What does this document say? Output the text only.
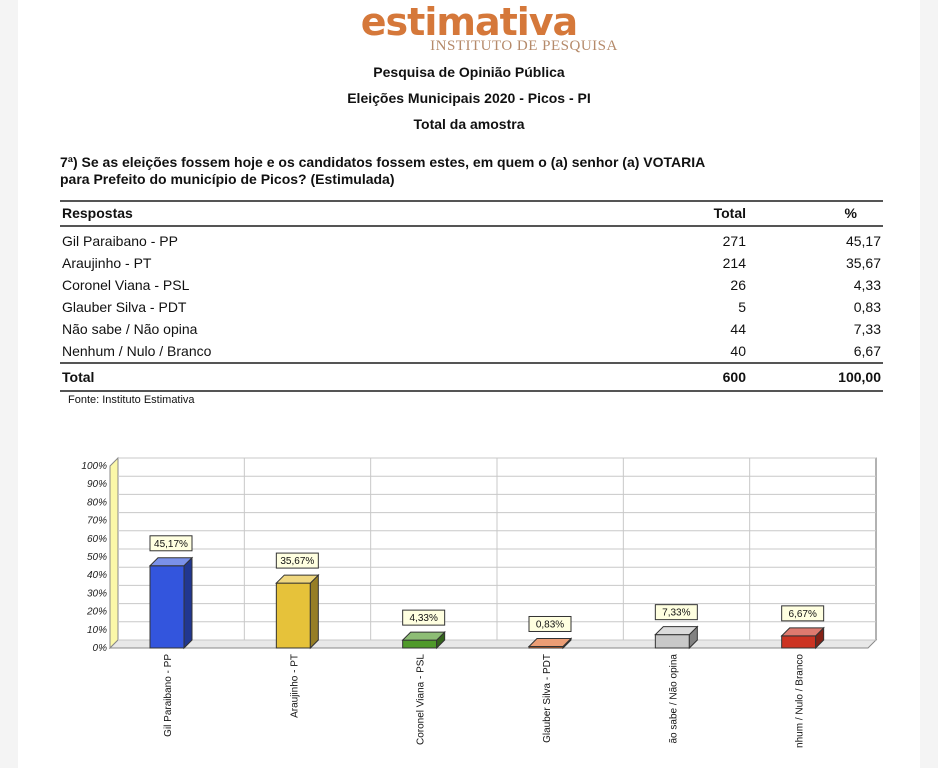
estimativa
INSTITUTO DE PESQUISA
Pesquisa de Opinião Pública
Eleições Municipais 2020 - Picos - PI
Total da amostra
7ª) Se as eleições fossem hoje e os candidatos fossem estes, em quem o (a) senhor (a) VOTARIA
para Prefeito do município de Picos? (Estimulada)
Respostas	Total	%
Gil Paraibano - PP	271	45,17
Araujinho - PT	214	35,67
Coronel Viana - PSL	26	4,33
Glauber Silva - PDT	5	0,83
Não sabe / Não opina	44	7,33
Nenhum / Nulo / Branco	40	6,67
Total	600	100,00
Fonte: Instituto Estimativa
0%
10%
20%
30%
40%
50%
60%
70%
80%
90%
100%
45,17%
Gil Paraibano - PP
35,67%
Araujinho - PT
4,33%
Coronel Viana - PSL
0,83%
Glauber Silva - PDT
7,33%
ão sabe / Não opina
6,67%
nhum / Nulo / Branco
